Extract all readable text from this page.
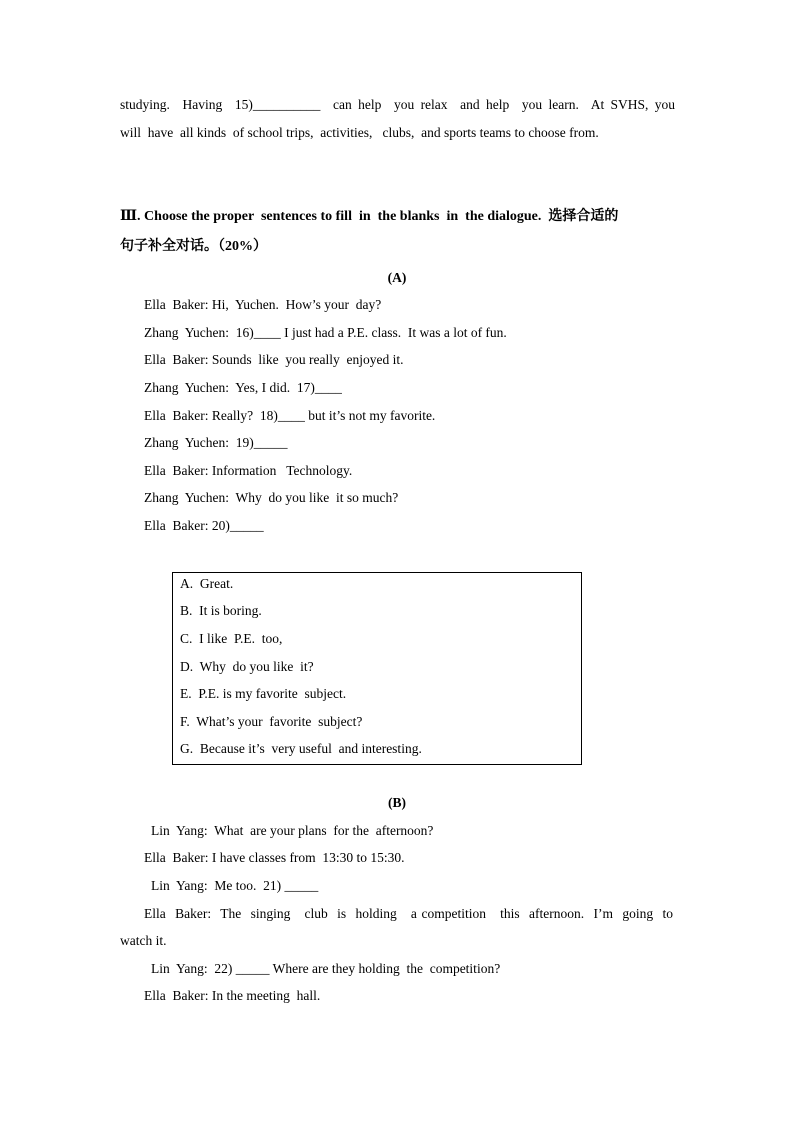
studying.  Having  15)__________  can help  you relax  and help  you learn.  At SVHS, you
will  have  all kinds  of school trips,  activities,   clubs,  and sports teams to choose from.
Ⅲ. Choose the proper  sentences to fill  in  the blanks  in  the dialogue.  选择合适的
句子补全对话。（20%）
(A)
Ella  Baker: Hi,  Yuchen.  How’s your  day?
Zhang  Yuchen:  16)____ I just had a P.E. class.  It was a lot of fun.
Ella  Baker: Sounds  like  you really  enjoyed it.
Zhang  Yuchen:  Yes, I did.  17)____
Ella  Baker: Really?  18)____ but it’s not my favorite.
Zhang  Yuchen:  19)_____
Ella  Baker: Information   Technology.
Zhang  Yuchen:  Why  do you like  it so much?
Ella  Baker: 20)_____
A.  Great.
B.  It is boring.
C.  I like  P.E.  too,
D.  Why  do you like  it?
E.  P.E. is my favorite  subject.
F.  What’s your  favorite  subject?
G.  Because it’s  very useful  and interesting.
(B)
Lin  Yang:  What  are your plans  for the  afternoon?
Ella  Baker: I have classes from  13:30 to 15:30.
Lin  Yang:  Me too.  21) _____
Ella  Baker:  The  singing   club  is  holding   a competition   this  afternoon.  I’m  going  to
watch it.
Lin  Yang:  22) _____ Where are they holding  the  competition?
Ella  Baker: In the meeting  hall.
